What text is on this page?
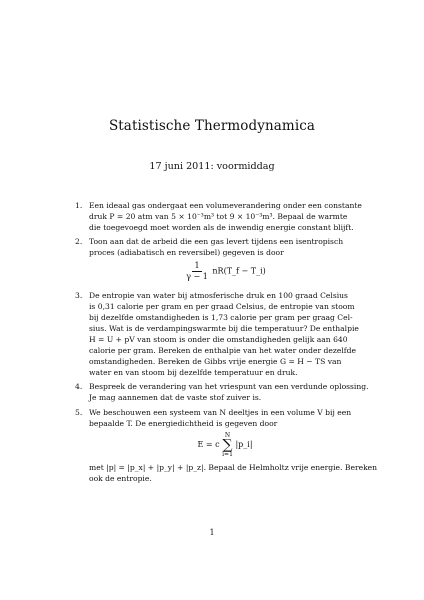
Statistische Thermodynamica
17 juni 2011: voormiddag
1. Een ideaal gas ondergaat een volumeverandering onder een constante
druk P = 20 atm van 5 × 10⁻³m³ tot 9 × 10⁻³m³. Bepaal de warmte
die toegevoegd moet worden als de inwendig energie constant blijft.

2. Toon aan dat de arbeid die een gas levert tijdens een isentropisch
proces (adiabatisch en reversibel) gegeven is door

$\frac{1}{\gamma - 1}$ nR(T_f − T_i)
3. De entropie van water bij atmosferische druk en 100 graad Celsius
is 0,31 calorie per gram en per graad Celsius, de entropie van stoom
bij dezelfde omstandigheden is 1,73 calorie per gram per graag Cel-
sius. Wat is de verdampingswarmte bij die temperatuur? De enthalpie
H = U + pV van stoom is onder die omstandigheden gelijk aan 640
calorie per gram. Bereken de enthalpie van het water onder dezelfde
omstandigheden. Bereken de Gibbs vrije energie G = H − TS van
water en van stoom bij dezelfde temperatuur en druk.

4. Bespreek de verandering van het vriespunt van een verdunde oplossing.
Je mag aannemen dat de vaste stof zuiver is.

5. We beschouwen een systeem van N deeltjes in een volume V bij een
bepaalde T. De energiedichtheid is gegeven door

E = c
N
∑
i=1
|p_i|

met |p| = |p_x| + |p_y| + |p_z|. Bepaal de Helmholtz vrije energie. Bereken
ook de entropie.

1
